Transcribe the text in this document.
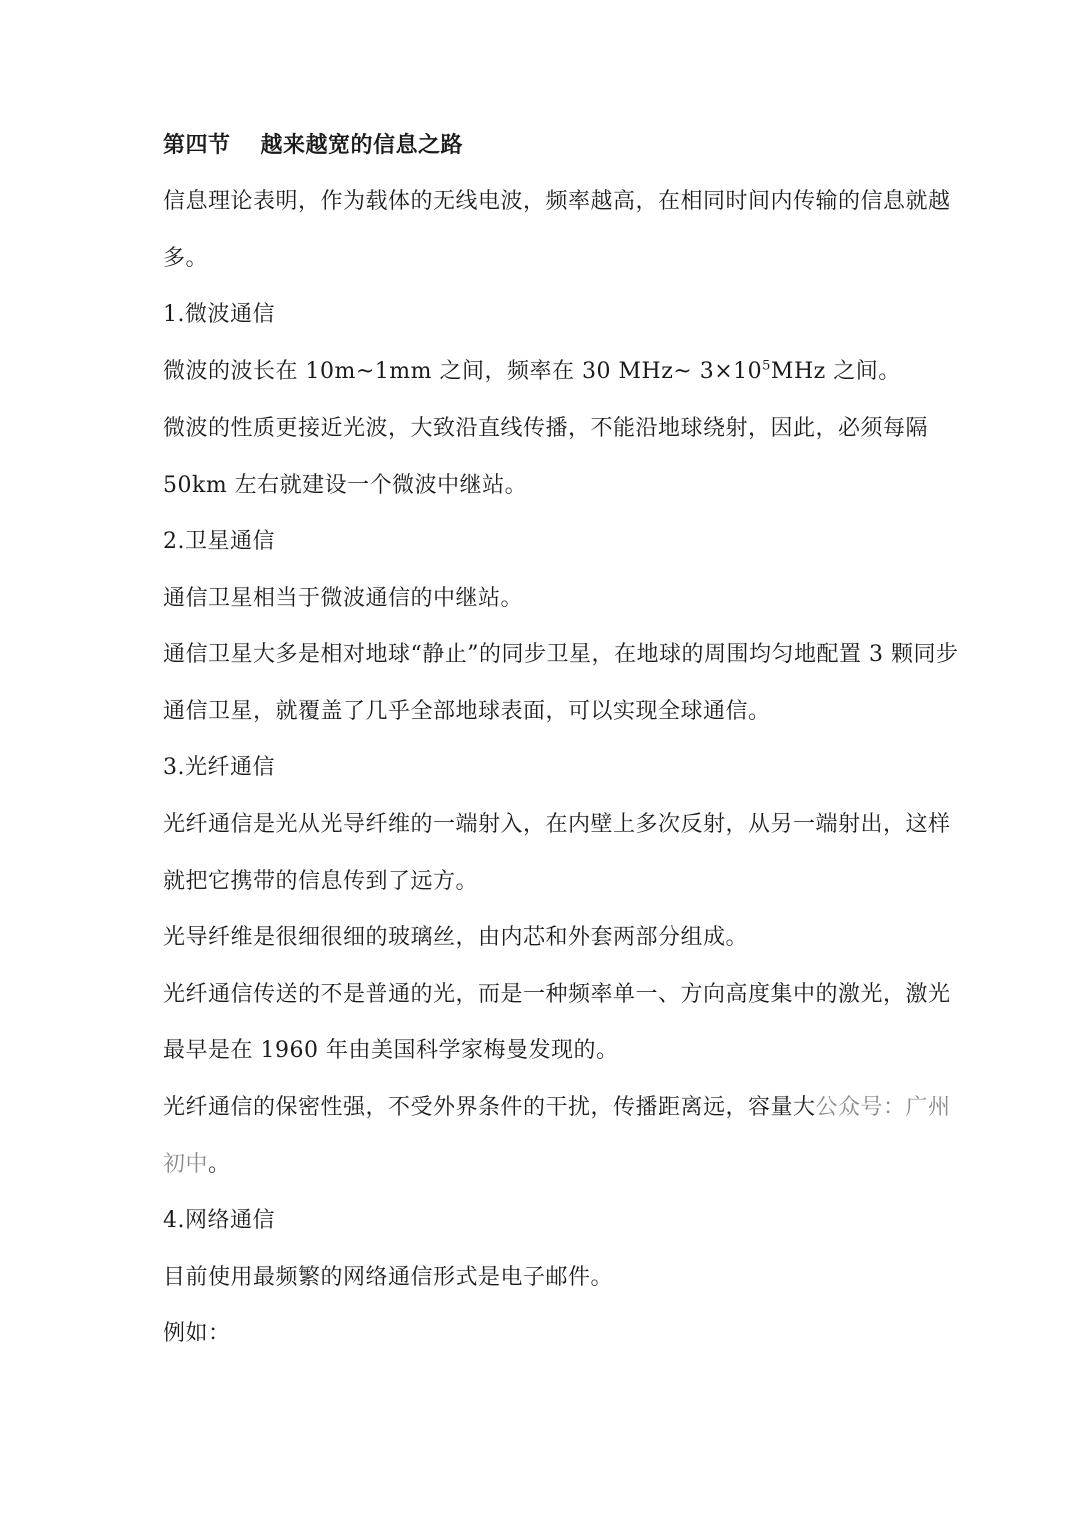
第四节 越来越宽的信息之路
信息理论表明，作为载体的无线电波，频率越高，在相同时间内传输的信息就越
多。
1.微波通信
微波的波长在 10m~1mm 之间，频率在 30 MHz~ $3\times 10^5MHz$ 之间。
微波的性质更接近光波，大致沿直线传播，不能沿地球绕射，因此，必须每隔
50km 左右就建设一个微波中继站。
2.卫星通信
通信卫星相当于微波通信的中继站。
通信卫星大多是相对地球“静止”的同步卫星，在地球的周围均匀地配置 3 颗同步
通信卫星，就覆盖了几乎全部地球表面，可以实现全球通信。
3.光纤通信
光纤通信是光从光导纤维的一端射入，在内壁上多次反射，从另一端射出，这样
就把它携带的信息传到了远方。
光导纤维是很细很细的玻璃丝，由内芯和外套两部分组成。
光纤通信传送的不是普通的光，而是一种频率单一、方向高度集中的激光，激光
最早是在 1960 年由美国科学家梅曼发现的。
光纤通信的保密性强，不受外界条件的干扰，传播距离远，容量大公众号：广州
初中。
4.网络通信
目前使用最频繁的网络通信形式是电子邮件。
例如：
